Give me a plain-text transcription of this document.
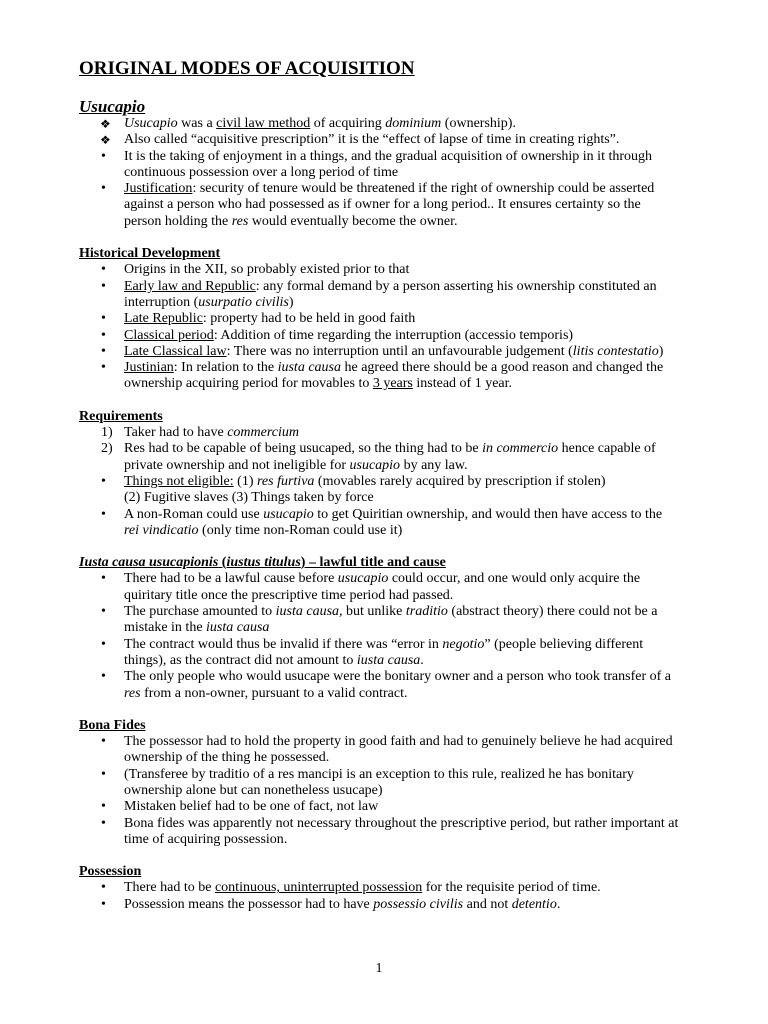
ORIGINAL MODES OF ACQUISITION
Usucapio
❖ Usucapio was a civil law method of acquiring dominium (ownership).
❖ Also called “acquisitive prescription” it is the “effect of lapse of time in creating rights”.
•	It is the taking of enjoyment in a things, and the gradual acquisition of ownership in it through continuous possession over a long period of time
•	Justification: security of tenure would be threatened if the right of ownership could be asserted against a person who had possessed as if owner for a long period.. It ensures certainty so the person holding the res would eventually become the owner.
Historical Development
•	Origins in the XII, so probably existed prior to that
•	Early law and Republic: any formal demand by a person asserting his ownership constituted an interruption (usurpatio civilis)
•	Late Republic: property had to be held in good faith
•	Classical period: Addition of time regarding the interruption (accessio temporis)
•	Late Classical law: There was no interruption until an unfavourable judgement (litis contestatio)
•	Justinian: In relation to the iusta causa he agreed there should be a good reason and changed the ownership acquiring period for movables to 3 years instead of 1 year.
Requirements
1) Taker had to have commercium
2) Res had to be capable of being usucaped, so the thing had to be in commercio hence capable of private ownership and not ineligible for usucapio by any law.
•	Things not eligible: (1) res furtiva (movables rarely acquired by prescription if stolen)
(2) Fugitive slaves (3) Things taken by force
•	A non-Roman could use usucapio to get Quiritian ownership, and would then have access to the rei vindicatio (only time non-Roman could use it)
Iusta causa usucapionis (iustus titulus) – lawful title and cause
•	There had to be a lawful cause before usucapio could occur, and one would only acquire the quiritary title once the prescriptive time period had passed.
•	The purchase amounted to iusta causa, but unlike traditio (abstract theory) there could not be a mistake in the iusta causa
•	The contract would thus be invalid if there was “error in negotio” (people believing different things), as the contract did not amount to iusta causa.
•	The only people who would usucape were the bonitary owner and a person who took transfer of a res from a non-owner, pursuant to a valid contract.
Bona Fides
•	The possessor had to hold the property in good faith and had to genuinely believe he had acquired ownership of the thing he possessed.
•	(Transferee by traditio of a res mancipi is an exception to this rule, realized he has bonitary ownership alone but can nonetheless usucape)
•	Mistaken belief had to be one of fact, not law
•	Bona fides was apparently not necessary throughout the prescriptive period, but rather important at time of acquiring possession.
Possession
•	There had to be continuous, uninterrupted possession for the requisite period of time.
•	Possession means the possessor had to have possessio civilis and not detentio.
1
